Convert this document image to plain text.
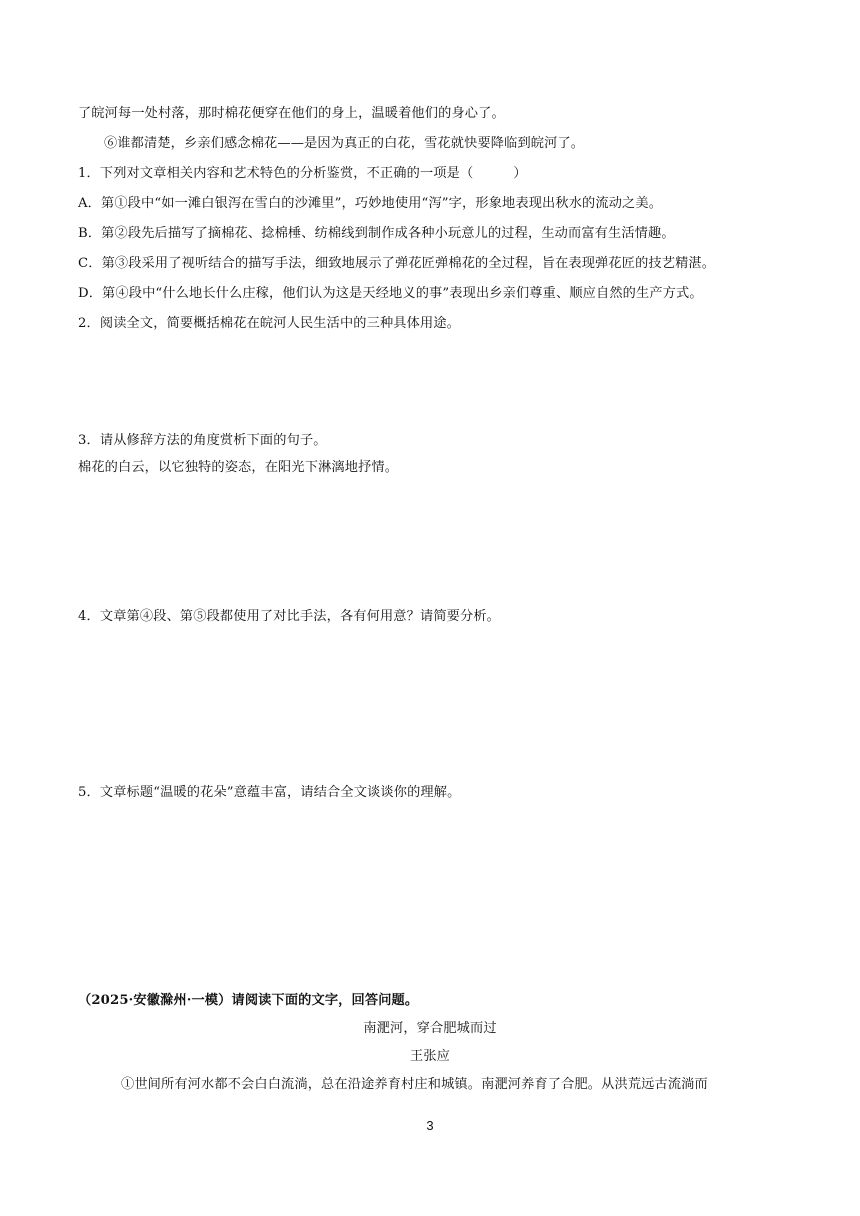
了皖河每一处村落，那时棉花便穿在他们的身上，温暖着他们的身心了。
⑥谁都清楚，乡亲们感念棉花——是因为真正的白花，雪花就快要降临到皖河了。
1．下列对文章相关内容和艺术特色的分析鉴赏，不正确的一项是（　　　）
A．第①段中“如一滩白银泻在雪白的沙滩里”，巧妙地使用“泻”字，形象地表现出秋水的流动之美。
B．第②段先后描写了摘棉花、捻棉棰、纺棉线到制作成各种小玩意儿的过程，生动而富有生活情趣。
C．第③段采用了视听结合的描写手法，细致地展示了弹花匠弹棉花的全过程，旨在表现弹花匠的技艺精湛。
D．第④段中“什么地长什么庄稼，他们认为这是天经地义的事”表现出乡亲们尊重、顺应自然的生产方式。
2．阅读全文，简要概括棉花在皖河人民生活中的三种具体用途。
3．请从修辞方法的角度赏析下面的句子。
棉花的白云，以它独特的姿态，在阳光下淋漓地抒情。
4．文章第④段、第⑤段都使用了对比手法，各有何用意？请简要分析。
5．文章标题“温暖的花朵”意蕴丰富，请结合全文谈谈你的理解。
（2025·安徽滁州·一模）请阅读下面的文字，回答问题。
南淝河，穿合肥城而过
王张应
①世间所有河水都不会白白流淌，总在沿途养育村庄和城镇。南淝河养育了合肥。从洪荒远古流淌而
3
